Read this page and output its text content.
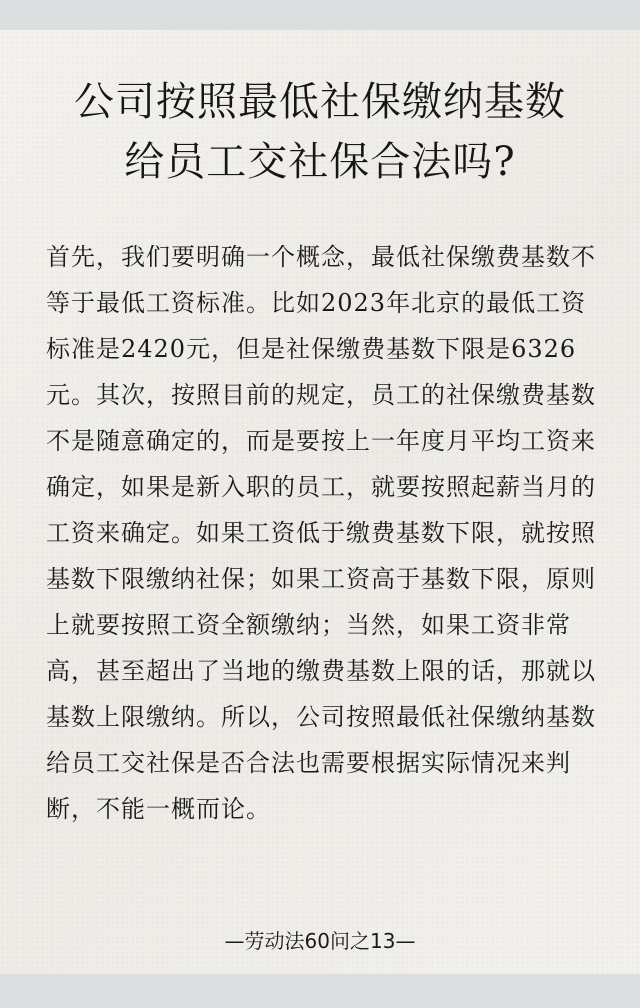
公司按照最低社保缴纳基数
给员工交社保合法吗?

首先，我们要明确一个概念，最低社保缴费基数不等于最低工资标准。比如2023年北京的最低工资标准是2420元，但是社保缴费基数下限是6326元。其次，按照目前的规定，员工的社保缴费基数不是随意确定的，而是要按上一年度月平均工资来确定，如果是新入职的员工，就要按照起薪当月的工资来确定。如果工资低于缴费基数下限，就按照基数下限缴纳社保；如果工资高于基数下限，原则上就要按照工资全额缴纳；当然，如果工资非常高，甚至超出了当地的缴费基数上限的话，那就以基数上限缴纳。所以，公司按照最低社保缴纳基数给员工交社保是否合法也需要根据实际情况来判断，不能一概而论。

—劳动法60问之13—
